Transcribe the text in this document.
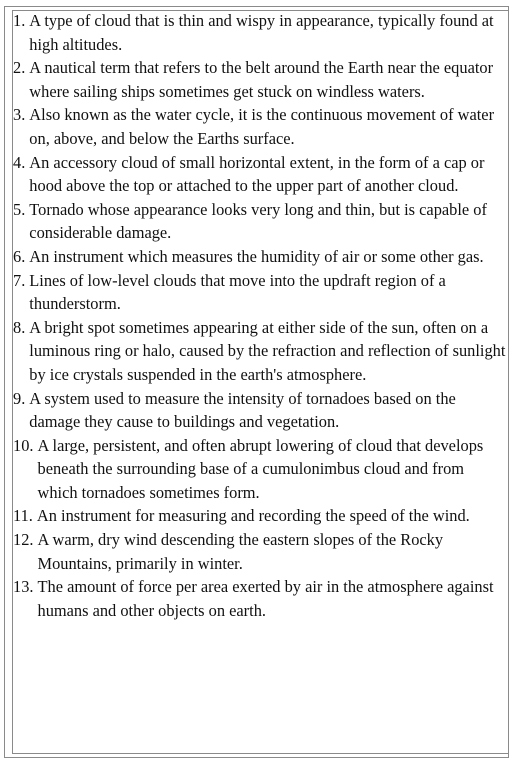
1. A type of cloud that is thin and wispy in appearance, typically found at high altitudes.
2. A nautical term that refers to the belt around the Earth near the equator where sailing ships sometimes get stuck on windless waters.
3. Also known as the water cycle, it is the continuous movement of water on, above, and below the Earths surface.
4. An accessory cloud of small horizontal extent, in the form of a cap or hood above the top or attached to the upper part of another cloud.
5. Tornado whose appearance looks very long and thin, but is capable of considerable damage.
6. An instrument which measures the humidity of air or some other gas.
7. Lines of low-level clouds that move into the updraft region of a thunderstorm.
8. A bright spot sometimes appearing at either side of the sun, often on a luminous ring or halo, caused by the refraction and reflection of sunlight by ice crystals suspended in the earth's atmosphere.
9. A system used to measure the intensity of tornadoes based on the damage they cause to buildings and vegetation.
10. A large, persistent, and often abrupt lowering of cloud that develops beneath the surrounding base of a cumulonimbus cloud and from which tornadoes sometimes form.
11. An instrument for measuring and recording the speed of the wind.
12. A warm, dry wind descending the eastern slopes of the Rocky Mountains, primarily in winter.
13. The amount of force per area exerted by air in the atmosphere against humans and other objects on earth.
